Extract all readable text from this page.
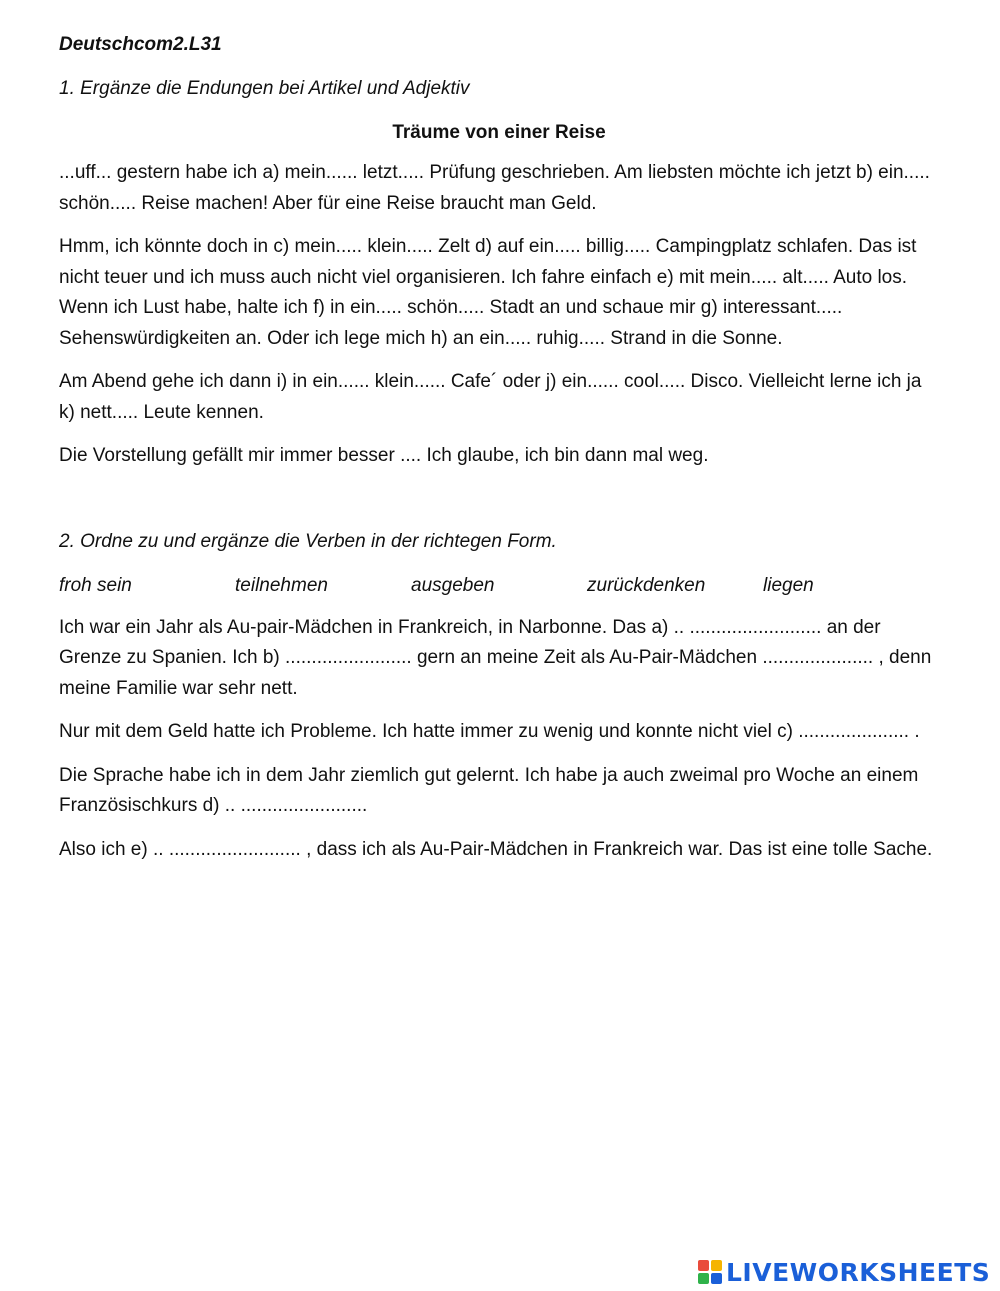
Deutschcom2.L31
1. Ergänze die Endungen bei Artikel und Adjektiv
Träume von einer Reise

...uff... gestern habe ich a) mein...... letzt..... Prüfung geschrieben. Am liebsten möchte ich jetzt b) ein..... schön..... Reise machen! Aber für eine Reise braucht man Geld.

Hmm, ich könnte doch in c) mein..... klein..... Zelt d) auf ein..... billig..... Campingplatz schlafen. Das ist nicht teuer und ich muss auch nicht viel organisieren. Ich fahre einfach e) mit mein..... alt..... Auto los. Wenn ich Lust habe, halte ich f) in ein..... schön..... Stadt an und schaue mir g) interessant..... Sehenswürdigkeiten an. Oder ich lege mich h) an ein..... ruhig..... Strand in die Sonne.

Am Abend gehe ich dann i) in ein...... klein...... Cafe´ oder j) ein...... cool..... Disco. Vielleicht lerne ich ja k) nett..... Leute kennen.

Die Vorstellung gefällt mir immer besser .... Ich glaube, ich bin dann mal weg.

2. Ordne zu und ergänze die Verben in der richtegen Form.
froh sein	teilnehmen	ausgeben	zurückdenken	liegen

Ich war ein Jahr als Au-pair-Mädchen in Frankreich, in Narbonne. Das a) .. ......................... an der Grenze zu Spanien. Ich b) ........................ gern an meine Zeit als Au-Pair-Mädchen ..................... , denn meine Familie war sehr nett.

Nur mit dem Geld hatte ich Probleme. Ich hatte immer zu wenig und konnte nicht viel c) ..................... .

Die Sprache habe ich in dem Jahr ziemlich gut gelernt. Ich habe ja auch zweimal pro Woche an einem Französischkurs d) .. ........................

Also ich e) .. ......................... , dass ich als Au-Pair-Mädchen in Frankreich war. Das ist eine tolle Sache.

LIVEWORKSHEETS
